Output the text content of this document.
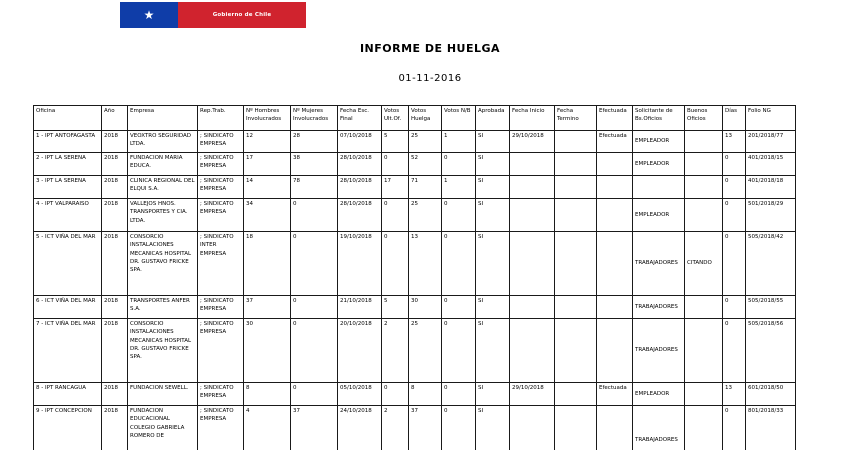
★	Gobierno de Chile
INFORME DE HUELGA
01-11-2016
Oficina	Año	Empresa	Rep.Trab.	Nº Hombres Involucrados	Nº Mujeres Involucrados	Fecha Esc. Final	Votos Ult.Of.	Votos Huelga	Votos N/B	Aprobada	Fecha Inicio	Fecha Termino	Efectuada	Solicitante de Bs.Oficios	Buenos Oficios	Días	Folio NG
1 - IPT ANTOFAGASTA	2018	VEOXTRO SEGURIDAD LTDA.	; SINDICATO EMPRESA	12	28	07/10/2018	5	25	1	SI	29/10/2018		Efectuada	EMPLEADOR		13	201/2018/77
2 - IPT LA SERENA	2018	FUNDACION MARIA EDUCA.	; SINDICATO EMPRESA	17	38	28/10/2018	0	52	0	SI				EMPLEADOR		0	401/2018/15
3 - IPT LA SERENA	2018	CLINICA REGIONAL DEL ELQUI S.A.	; SINDICATO EMPRESA	14	78	28/10/2018	17	71	1	SI						0	401/2018/18
4 - IPT VALPARAISO	2018	VALLEJOS HNOS. TRANSPORTES Y CIA. LTDA.	; SINDICATO EMPRESA	34	0	28/10/2018	0	25	0	SI				EMPLEADOR		0	501/2018/29
5 - ICT VIÑA DEL MAR	2018	CONSORCIO INSTALACIONES MECANICAS HOSPITAL DR. GUSTAVO FRICKE SPA.	; SINDICATO INTER EMPRESA	18	0	19/10/2018	0	13	0	SI				TRABAJADORES	CITANDO	0	505/2018/42
6 - ICT VIÑA DEL MAR	2018	TRANSPORTES ANFER S.A.	; SINDICATO EMPRESA	37	0	21/10/2018	5	30	0	SI				TRABAJADORES		0	505/2018/55
7 - ICT VIÑA DEL MAR	2018	CONSORCIO INSTALACIONES MECANICAS HOSPITAL DR. GUSTAVO FRICKE SPA.	; SINDICATO EMPRESA	30	0	20/10/2018	2	25	0	SI				TRABAJADORES		0	505/2018/56
8 - IPT RANCAGUA	2018	FUNDACION SEWELL.	; SINDICATO EMPRESA	8	0	05/10/2018	0	8	0	SI	29/10/2018		Efectuada	EMPLEADOR		13	601/2018/50
9 - IPT CONCEPCION	2018	FUNDACION EDUCACIONAL COLEGIO GABRIELA ROMERO DE	; SINDICATO EMPRESA	4	37	24/10/2018	2	37	0	SI				TRABAJADORES		0	801/2018/33
